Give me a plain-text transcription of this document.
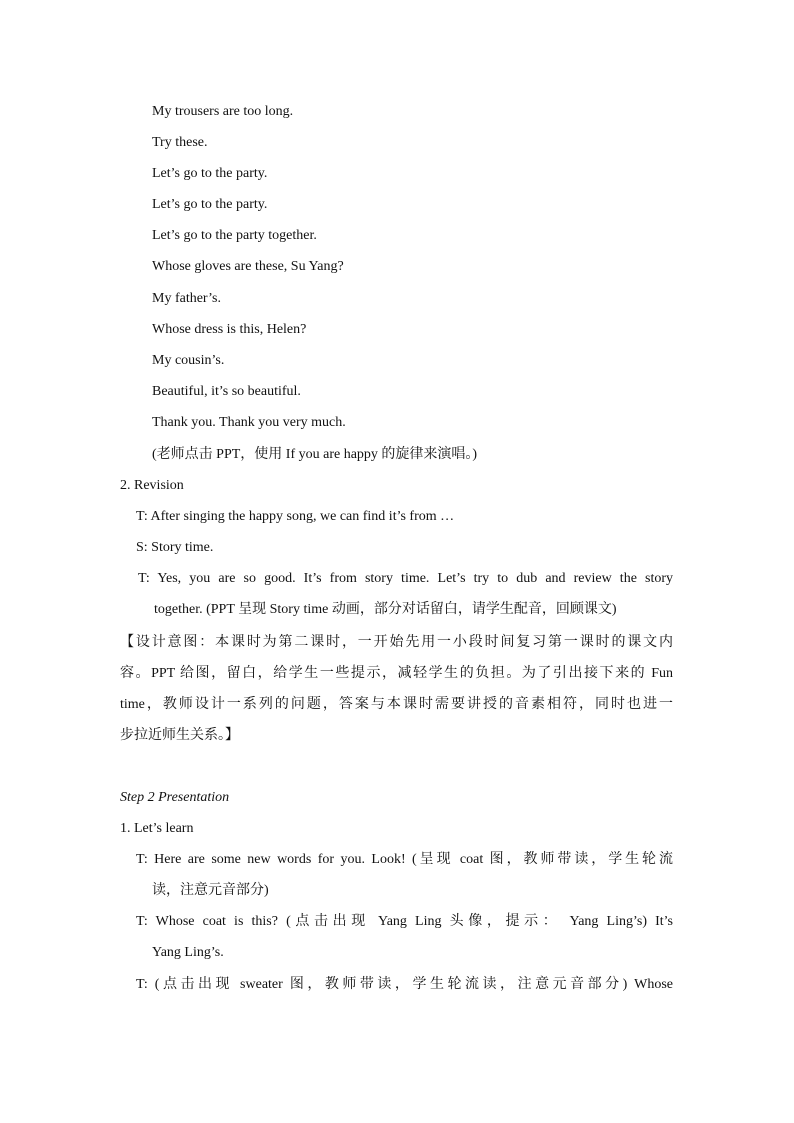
My trousers are too long.
Try these.
Let’s go to the party.
Let’s go to the party.
Let’s go to the party together.
Whose gloves are these, Su Yang?
My father’s.
Whose dress is this, Helen?
My cousin’s.
Beautiful, it’s so beautiful.
Thank you. Thank you very much.
(老师点击 PPT，使用 If you are happy 的旋律来演唱。)
2. Revision
T: After singing the happy song, we can find it’s from …
S: Story time.
T: Yes, you are so good. It’s from story time. Let’s try to dub and review the story
together. (PPT 呈现 Story time 动画，部分对话留白，请学生配音，回顾课文)
【设计意图：本课时为第二课时，一开始先用一小段时间复习第一课时的课文内
容。PPT 给图，留白，给学生一些提示，减轻学生的负担。为了引出接下来的 Fun
time，教师设计一系列的问题，答案与本课时需要讲授的音素相符，同时也进一
步拉近师生关系。】
Step 2 Presentation
1. Let’s learn
T: Here are some new words for you. Look! (呈现 coat 图，教师带读，学生轮流
读，注意元音部分)
T: Whose coat is this? (点击出现 Yang Ling 头像，提示： Yang Ling’s) It’s
Yang Ling’s.
T: (点击出现 sweater 图，教师带读，学生轮流读，注意元音部分) Whose
